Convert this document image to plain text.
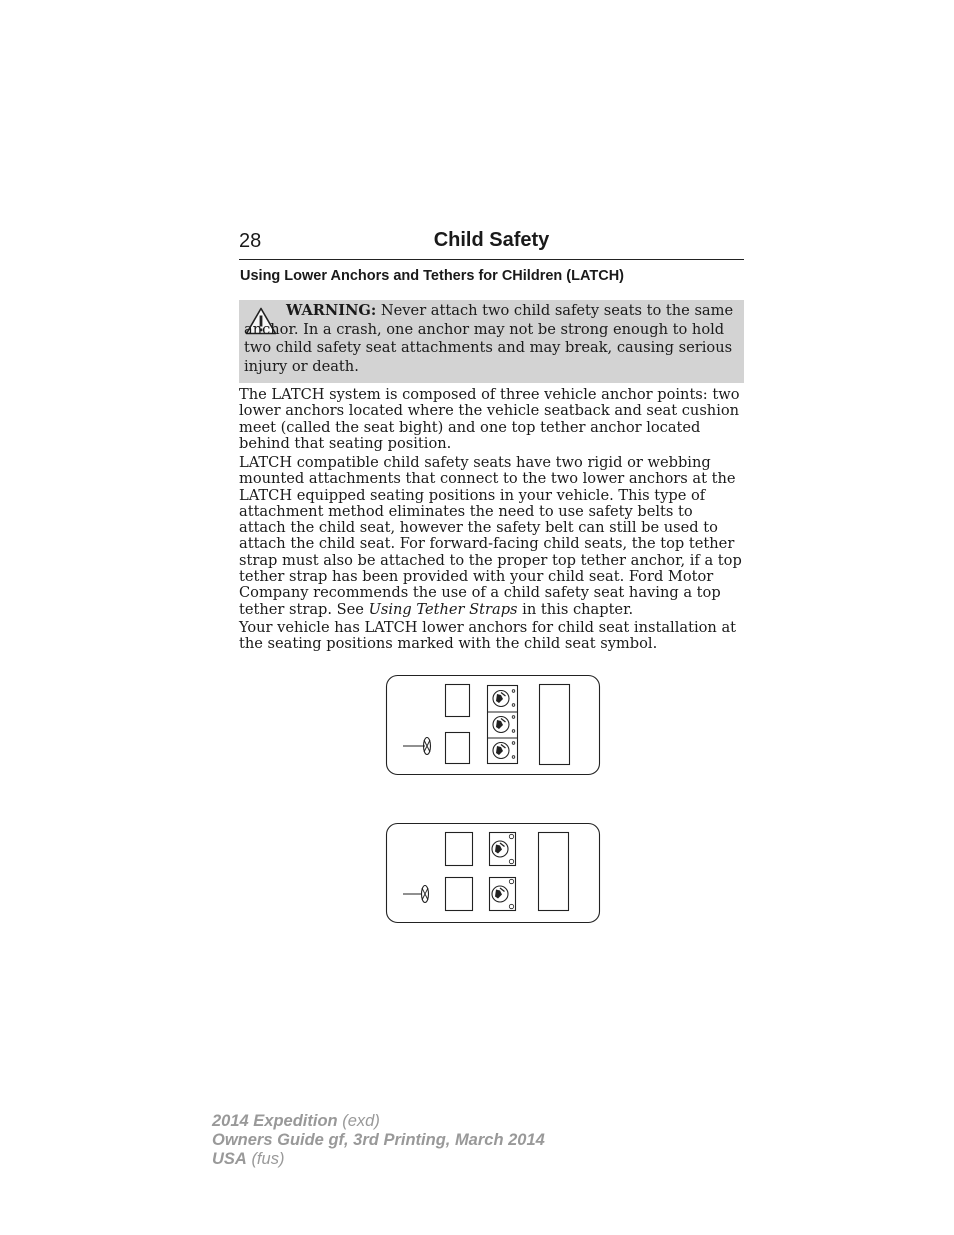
28	Child Safety
Using Lower Anchors and Tethers for CHildren (LATCH)
WARNING: Never attach two child safety seats to the same anchor. In a crash, one anchor may not be strong enough to hold two child safety seat attachments and may break, causing serious injury or death.

The LATCH system is composed of three vehicle anchor points: two lower anchors located where the vehicle seatback and seat cushion meet (called the seat bight) and one top tether anchor located behind that seating position.

LATCH compatible child safety seats have two rigid or webbing mounted attachments that connect to the two lower anchors at the LATCH equipped seating positions in your vehicle. This type of attachment method eliminates the need to use safety belts to attach the child seat, however the safety belt can still be used to attach the child seat. For forward-facing child seats, the top tether strap must also be attached to the proper top tether anchor, if a top tether strap has been provided with your child seat. Ford Motor Company recommends the use of a child safety seat having a top tether strap. See Using Tether Straps in this chapter.

Your vehicle has LATCH lower anchors for child seat installation at the seating positions marked with the child seat symbol.

2014 Expedition (exd)
Owners Guide gf, 3rd Printing, March 2014
USA (fus)
